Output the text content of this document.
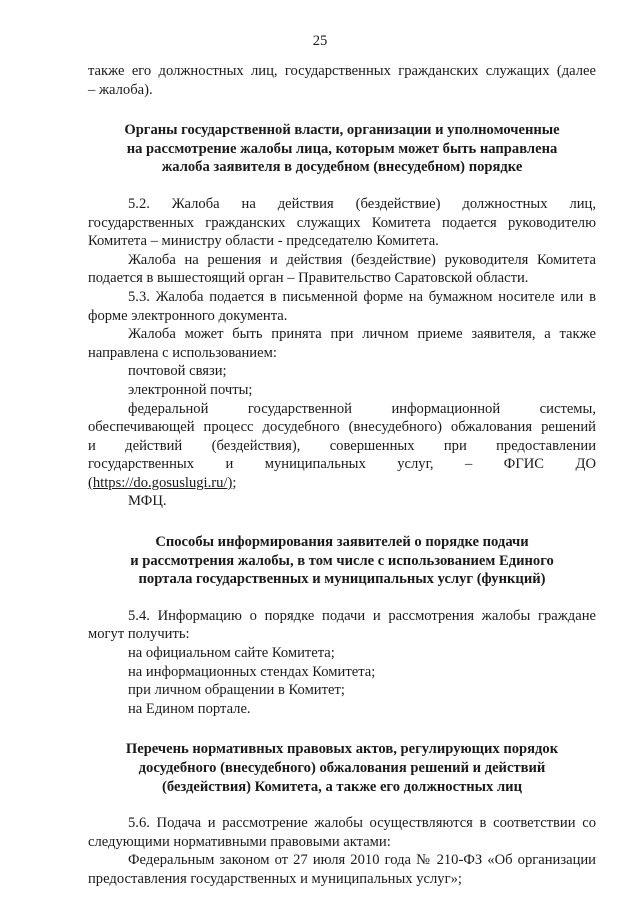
25

также его должностных лиц, государственных гражданских служащих (далее

– жалоба).

Органы государственной власти, организации и уполномоченные
на рассмотрение жалобы лица, которым может быть направлена
жалоба заявителя в досудебном (внесудебном) порядке

5.2.    Жалоба    на    действия    (бездействие)    должностных    лиц,

государственных гражданских служащих Комитета подается руководителю Комитета – министру области - председателю Комитета.

Жалоба на решения и действия (бездействие) руководителя Комитета подается в вышестоящий орган – Правительство Саратовской области.

5.3. Жалоба подается в письменной форме на бумажном носителе или в форме электронного документа.

Жалоба может быть принята при личном приеме заявителя, а также направлена с использованием:

почтовой связи;

электронной почты;

федеральной государственной информационной системы,

обеспечивающей процесс досудебного (внесудебного) обжалования решений

и действий (бездействия), совершенных при предоставлении

государственных и муниципальных услуг, – ФГИС ДО

(https://do.gosuslugi.ru/);

МФЦ.

Способы информирования заявителей о порядке подачи
и рассмотрения жалобы, в том числе с использованием Единого
портала государственных и муниципальных услуг (функций)

5.4. Информацию о порядке подачи и рассмотрения жалобы граждане могут получить:

на официальном сайте Комитета;

на информационных стендах Комитета;

при личном обращении в Комитет;

на Едином портале.

Перечень нормативных правовых актов, регулирующих порядок
досудебного (внесудебного) обжалования решений и действий
(бездействия) Комитета, а также его должностных лиц

5.6. Подача и рассмотрение жалобы осуществляются в соответствии со следующими нормативными правовыми актами:

Федеральным законом от 27 июля 2010 года № 210-ФЗ «Об организации предоставления государственных и муниципальных услуг»;
